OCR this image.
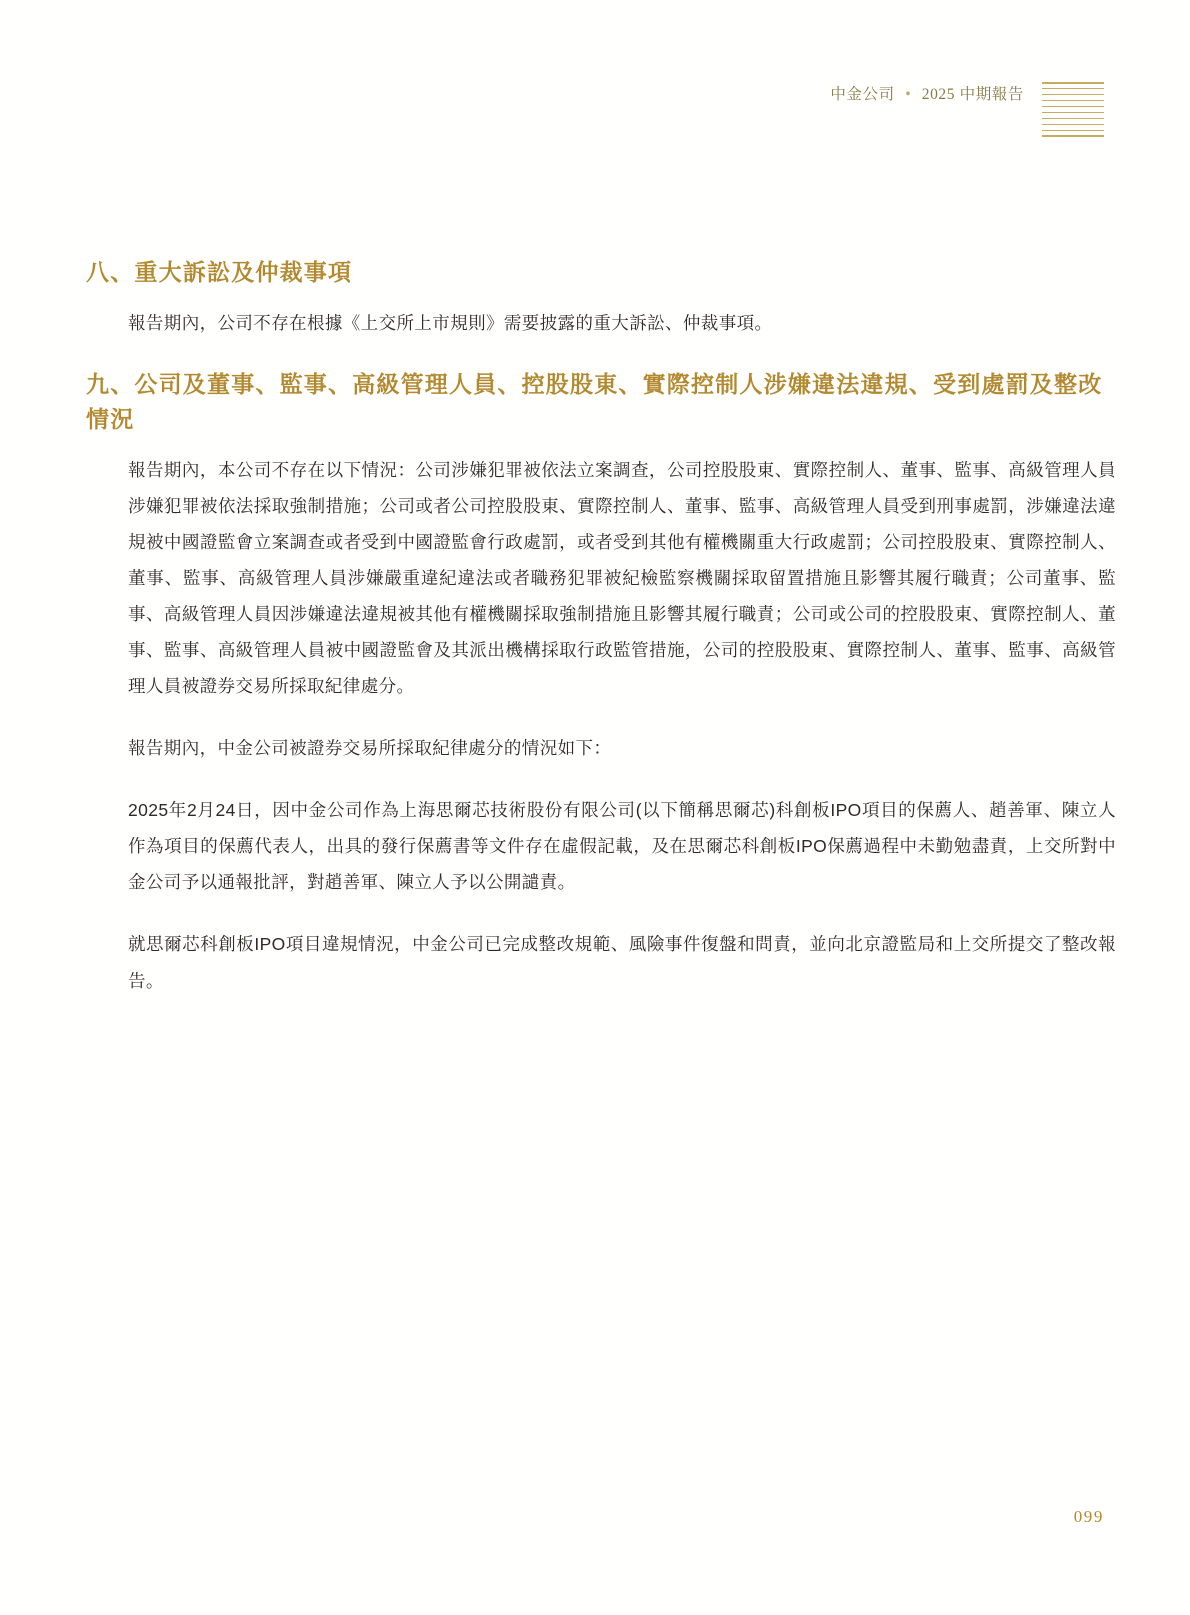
中金公司 • 2025 中期報告
八、重大訴訟及仲裁事項

報告期內，公司不存在根據《上交所上市規則》需要披露的重大訴訟、仲裁事項。

九、公司及董事、監事、高級管理人員、控股股東、實際控制人涉嫌違法違規、受到處罰及整改情況

報告期內，本公司不存在以下情況：公司涉嫌犯罪被依法立案調查，公司控股股東、實際控制人、董事、監事、高級管理人員涉嫌犯罪被依法採取強制措施；公司或者公司控股股東、實際控制人、董事、監事、高級管理人員受到刑事處罰，涉嫌違法違規被中國證監會立案調查或者受到中國證監會行政處罰，或者受到其他有權機關重大行政處罰；公司控股股東、實際控制人、董事、監事、高級管理人員涉嫌嚴重違紀違法或者職務犯罪被紀檢監察機關採取留置措施且影響其履行職責；公司董事、監事、高級管理人員因涉嫌違法違規被其他有權機關採取強制措施且影響其履行職責；公司或公司的控股股東、實際控制人、董事、監事、高級管理人員被中國證監會及其派出機構採取行政監管措施，公司的控股股東、實際控制人、董事、監事、高級管理人員被證券交易所採取紀律處分。

報告期內，中金公司被證券交易所採取紀律處分的情況如下：

2025年2月24日，因中金公司作為上海思爾芯技術股份有限公司(以下簡稱思爾芯)科創板IPO項目的保薦人、趙善軍、陳立人作為項目的保薦代表人，出具的發行保薦書等文件存在虛假記載，及在思爾芯科創板IPO保薦過程中未勤勉盡責，上交所對中金公司予以通報批評，對趙善軍、陳立人予以公開譴責。

就思爾芯科創板IPO項目違規情況，中金公司已完成整改規範、風險事件復盤和問責，並向北京證監局和上交所提交了整改報告。

099
